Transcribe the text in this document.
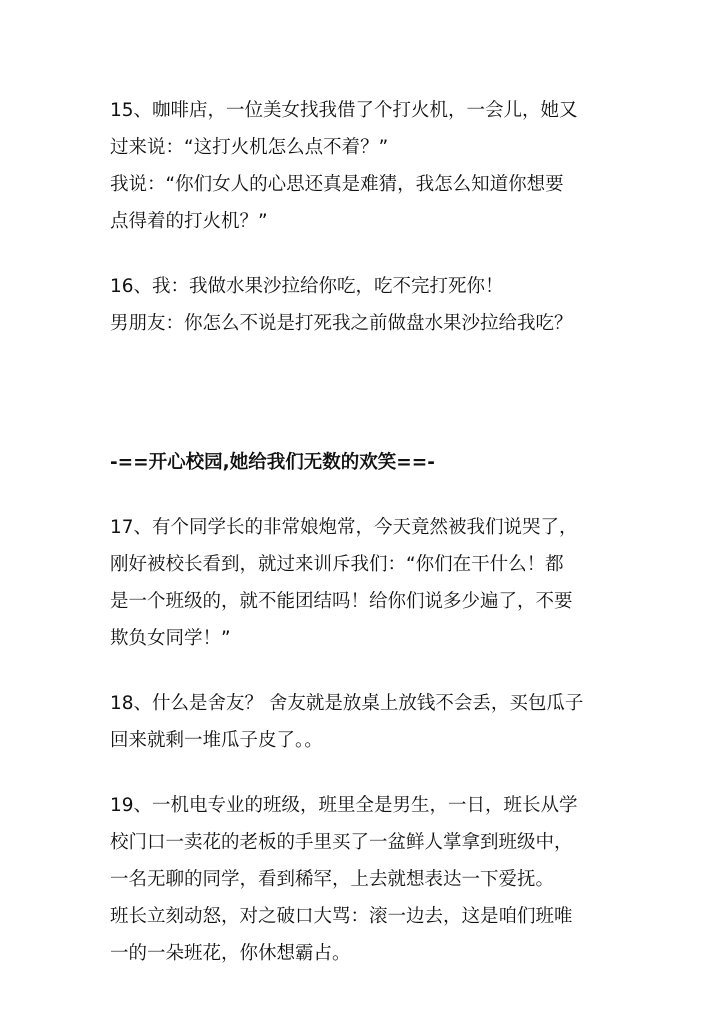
15、咖啡店，一位美女找我借了个打火机，一会儿，她又
过来说：“这打火机怎么点不着？”
我说：“你们女人的心思还真是难猜，我怎么知道你想要
点得着的打火机？”
16、我：我做水果沙拉给你吃，吃不完打死你！
男朋友：你怎么不说是打死我之前做盘水果沙拉给我吃？
-==开心校园,她给我们无数的欢笑==-
17、有个同学长的非常娘炮常，今天竟然被我们说哭了，
刚好被校长看到，就过来训斥我们：“你们在干什么！都
是一个班级的，就不能团结吗！给你们说多少遍了，不要
欺负女同学！”
18、什么是舍友？ 舍友就是放桌上放钱不会丢，买包瓜子
回来就剩一堆瓜子皮了。。
19、一机电专业的班级，班里全是男生，一日，班长从学
校门口一卖花的老板的手里买了一盆鲜人掌拿到班级中，
一名无聊的同学，看到稀罕，上去就想表达一下爱抚。
班长立刻动怒，对之破口大骂：滚一边去，这是咱们班唯
一的一朵班花，你休想霸占。
